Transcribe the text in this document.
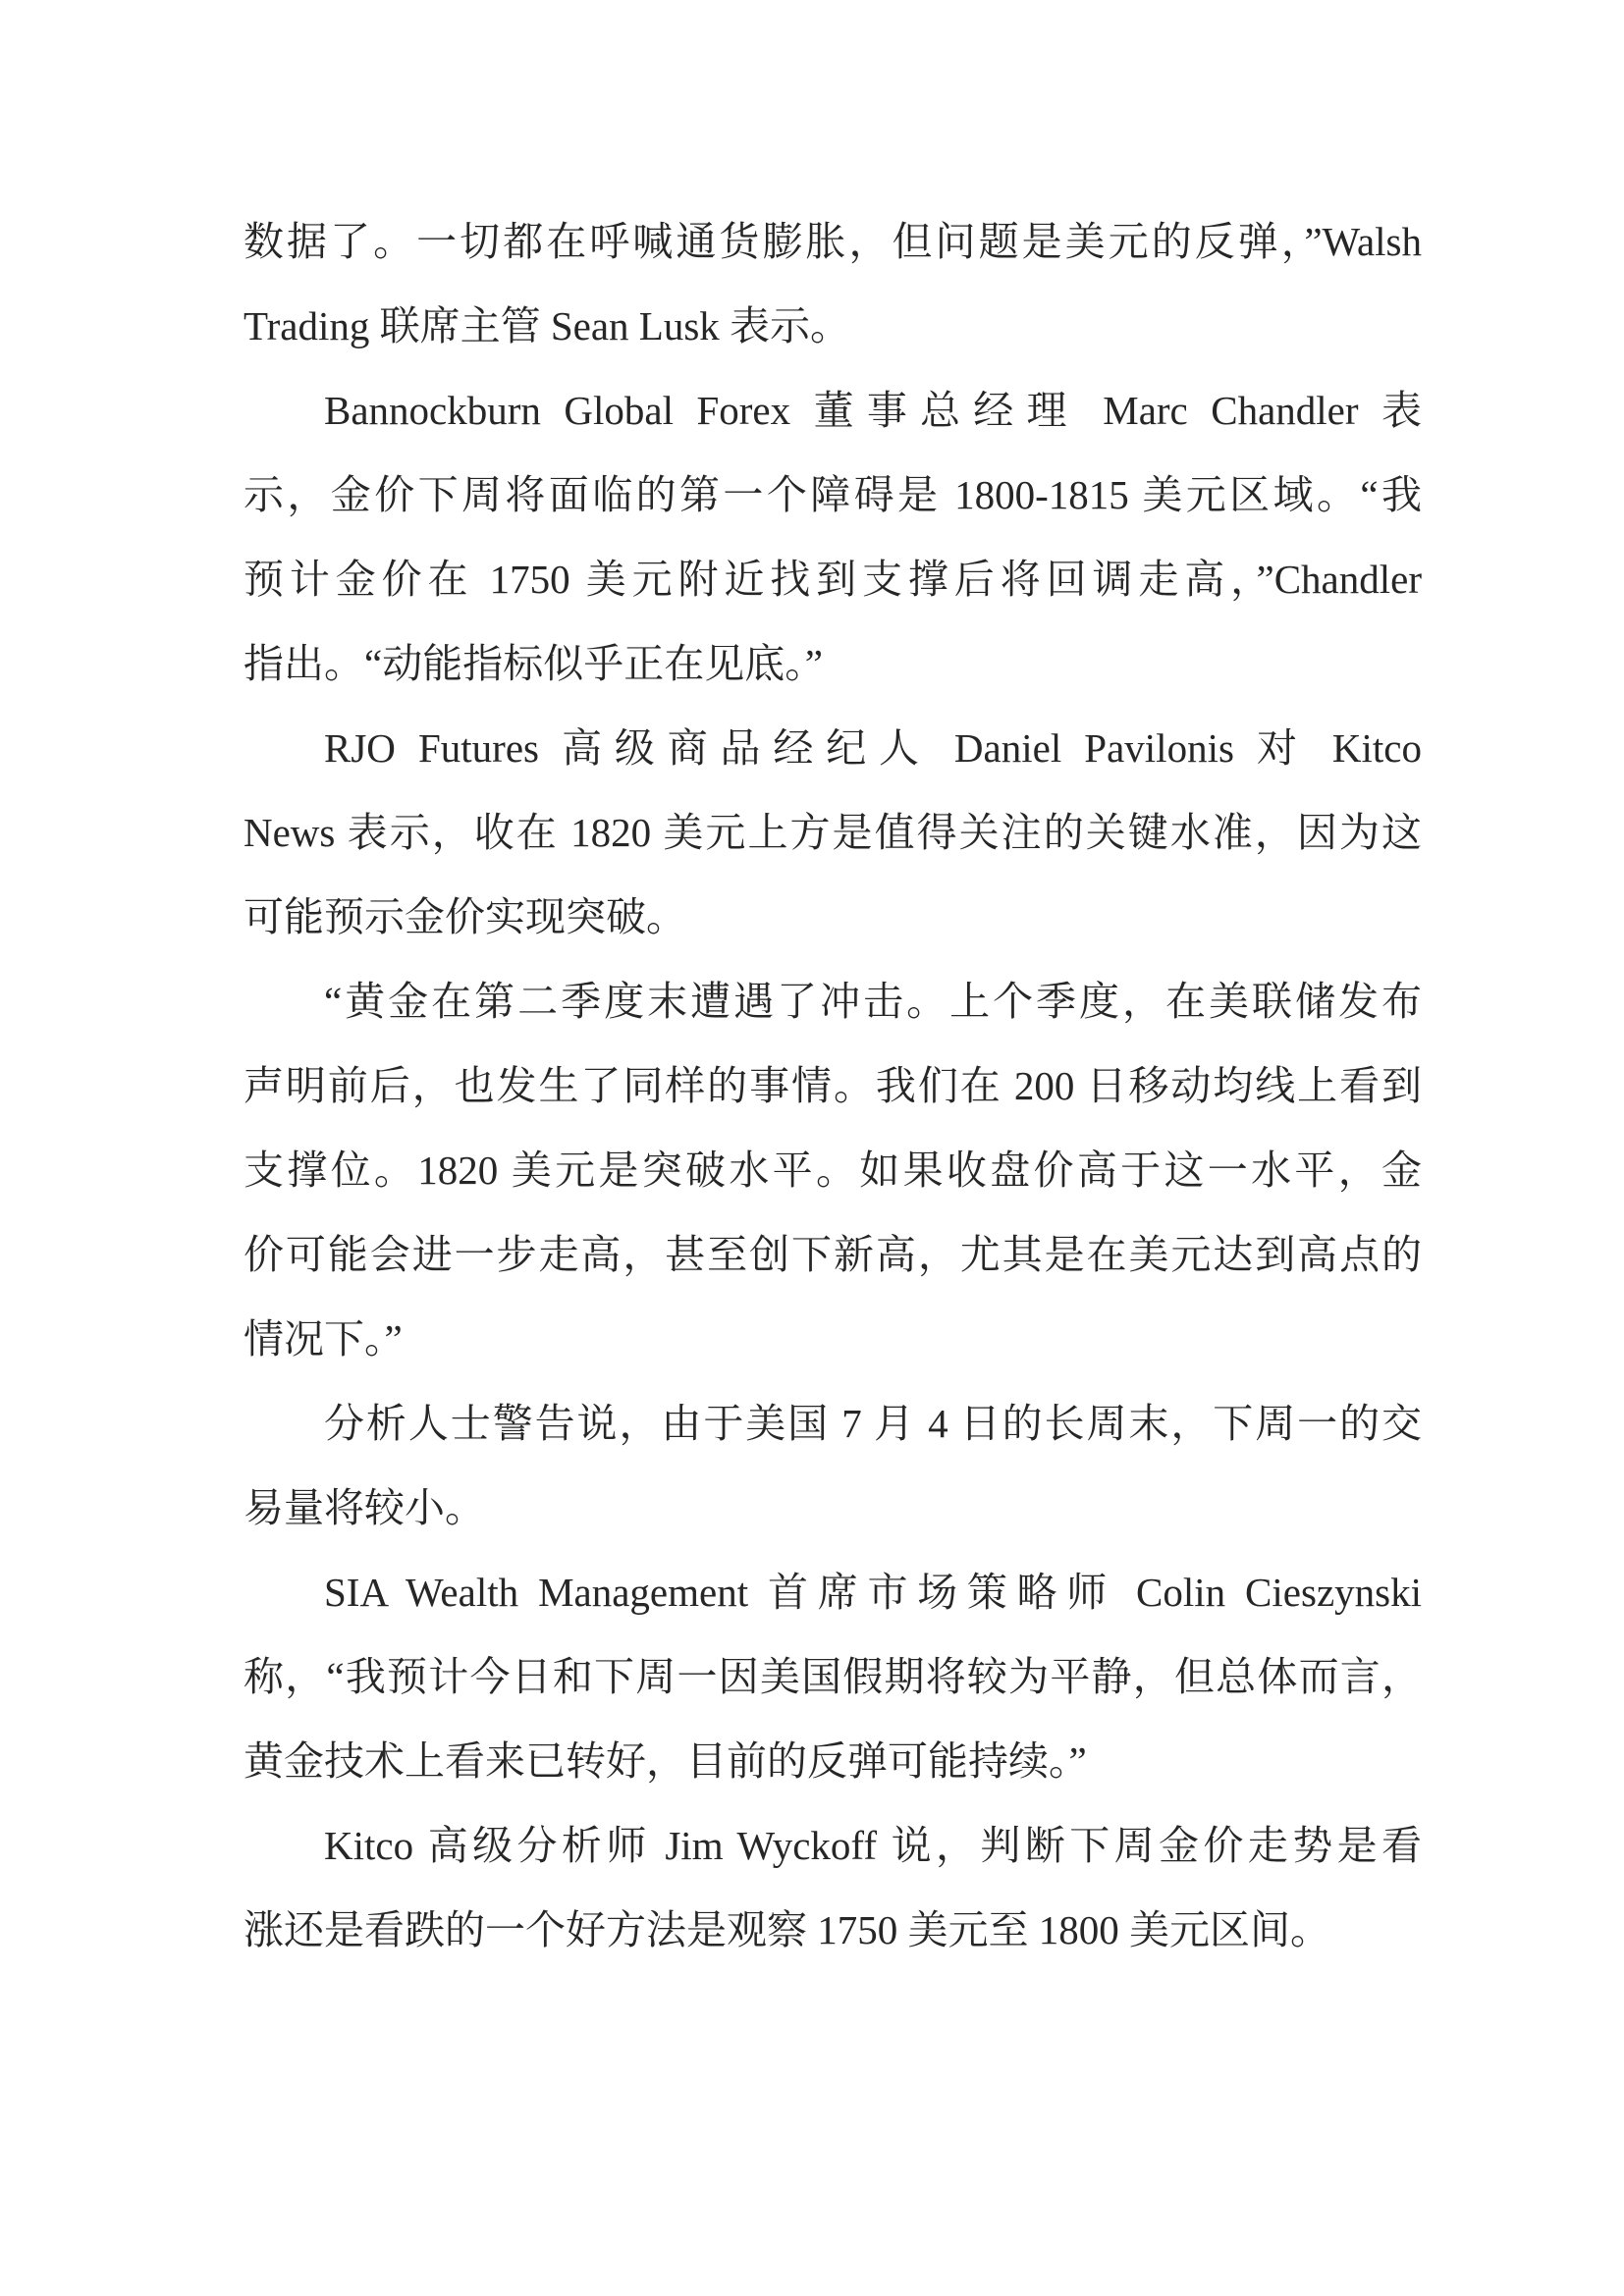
数据了。一切都在呼喊通货膨胀，但问题是美元的反弹，”Walsh
Trading 联席主管 Sean Lusk 表示。

Bannockburn Global Forex 董事总经理 Marc Chandler 表
示，金价下周将面临的第一个障碍是 1800-1815 美元区域。“我
预计金价在 1750 美元附近找到支撑后将回调走高，”Chandler
指出。“动能指标似乎正在见底。”

RJO Futures 高级商品经纪人 Daniel Pavilonis 对 Kitco
News 表示，收在 1820 美元上方是值得关注的关键水准，因为这
可能预示金价实现突破。

“黄金在第二季度末遭遇了冲击。上个季度，在美联储发布
声明前后，也发生了同样的事情。我们在 200 日移动均线上看到
支撑位。1820 美元是突破水平。如果收盘价高于这一水平，金
价可能会进一步走高，甚至创下新高，尤其是在美元达到高点的
情况下。”

分析人士警告说，由于美国 7 月 4 日的长周末，下周一的交
易量将较小。

SIA Wealth Management 首席市场策略师 Colin Cieszynski
称，“我预计今日和下周一因美国假期将较为平静，但总体而言，
黄金技术上看来已转好，目前的反弹可能持续。”

Kitco 高级分析师 Jim Wyckoff 说，判断下周金价走势是看
涨还是看跌的一个好方法是观察 1750 美元至 1800 美元区间。
